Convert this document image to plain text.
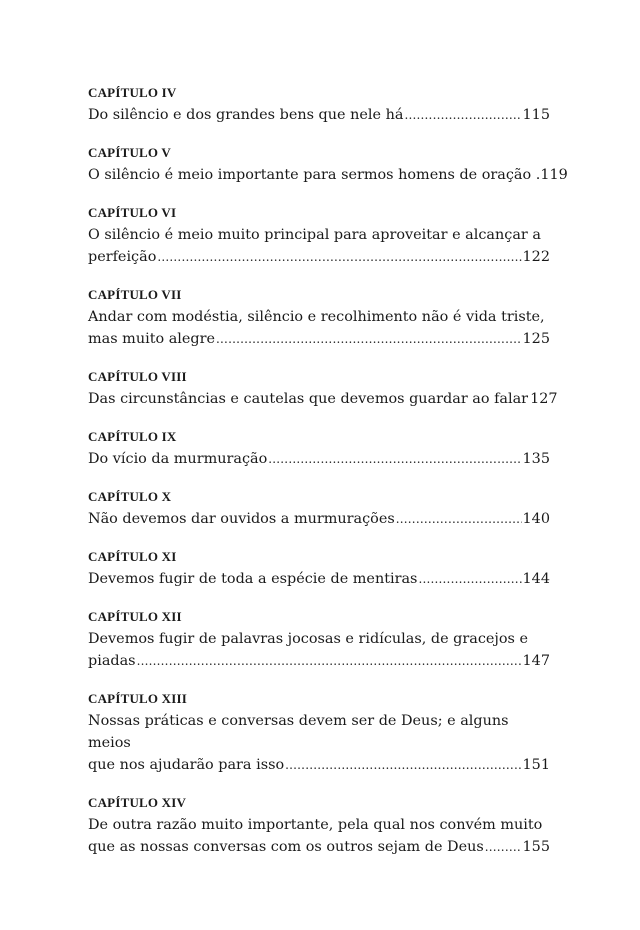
CAPÍTULO IV
Do silêncio e dos grandes bens que nele há .....	115
CAPÍTULO V
O silêncio é meio importante para sermos homens de oração . 119
CAPÍTULO VI
O silêncio é meio muito principal para aproveitar e alcançar a
perfeição .....	122
CAPÍTULO VII
Andar com modéstia, silêncio e recolhimento não é vida triste,
mas muito alegre .....	125
CAPÍTULO VIII
Das circunstâncias e cautelas que devemos guardar ao falar 127
CAPÍTULO IX
Do vício da murmuração .....	135
CAPÍTULO X
Não devemos dar ouvidos a murmurações .....	140
CAPÍTULO XI
Devemos fugir de toda a espécie de mentiras .....	144
CAPÍTULO XII
Devemos fugir de palavras jocosas e ridículas, de gracejos e
piadas .....	147
CAPÍTULO XIII
Nossas práticas e conversas devem ser de Deus; e alguns meios
que nos ajudarão para isso .....	151
CAPÍTULO XIV
De outra razão muito importante, pela qual nos convém muito
que as nossas conversas com os outros sejam de Deus .....	155
